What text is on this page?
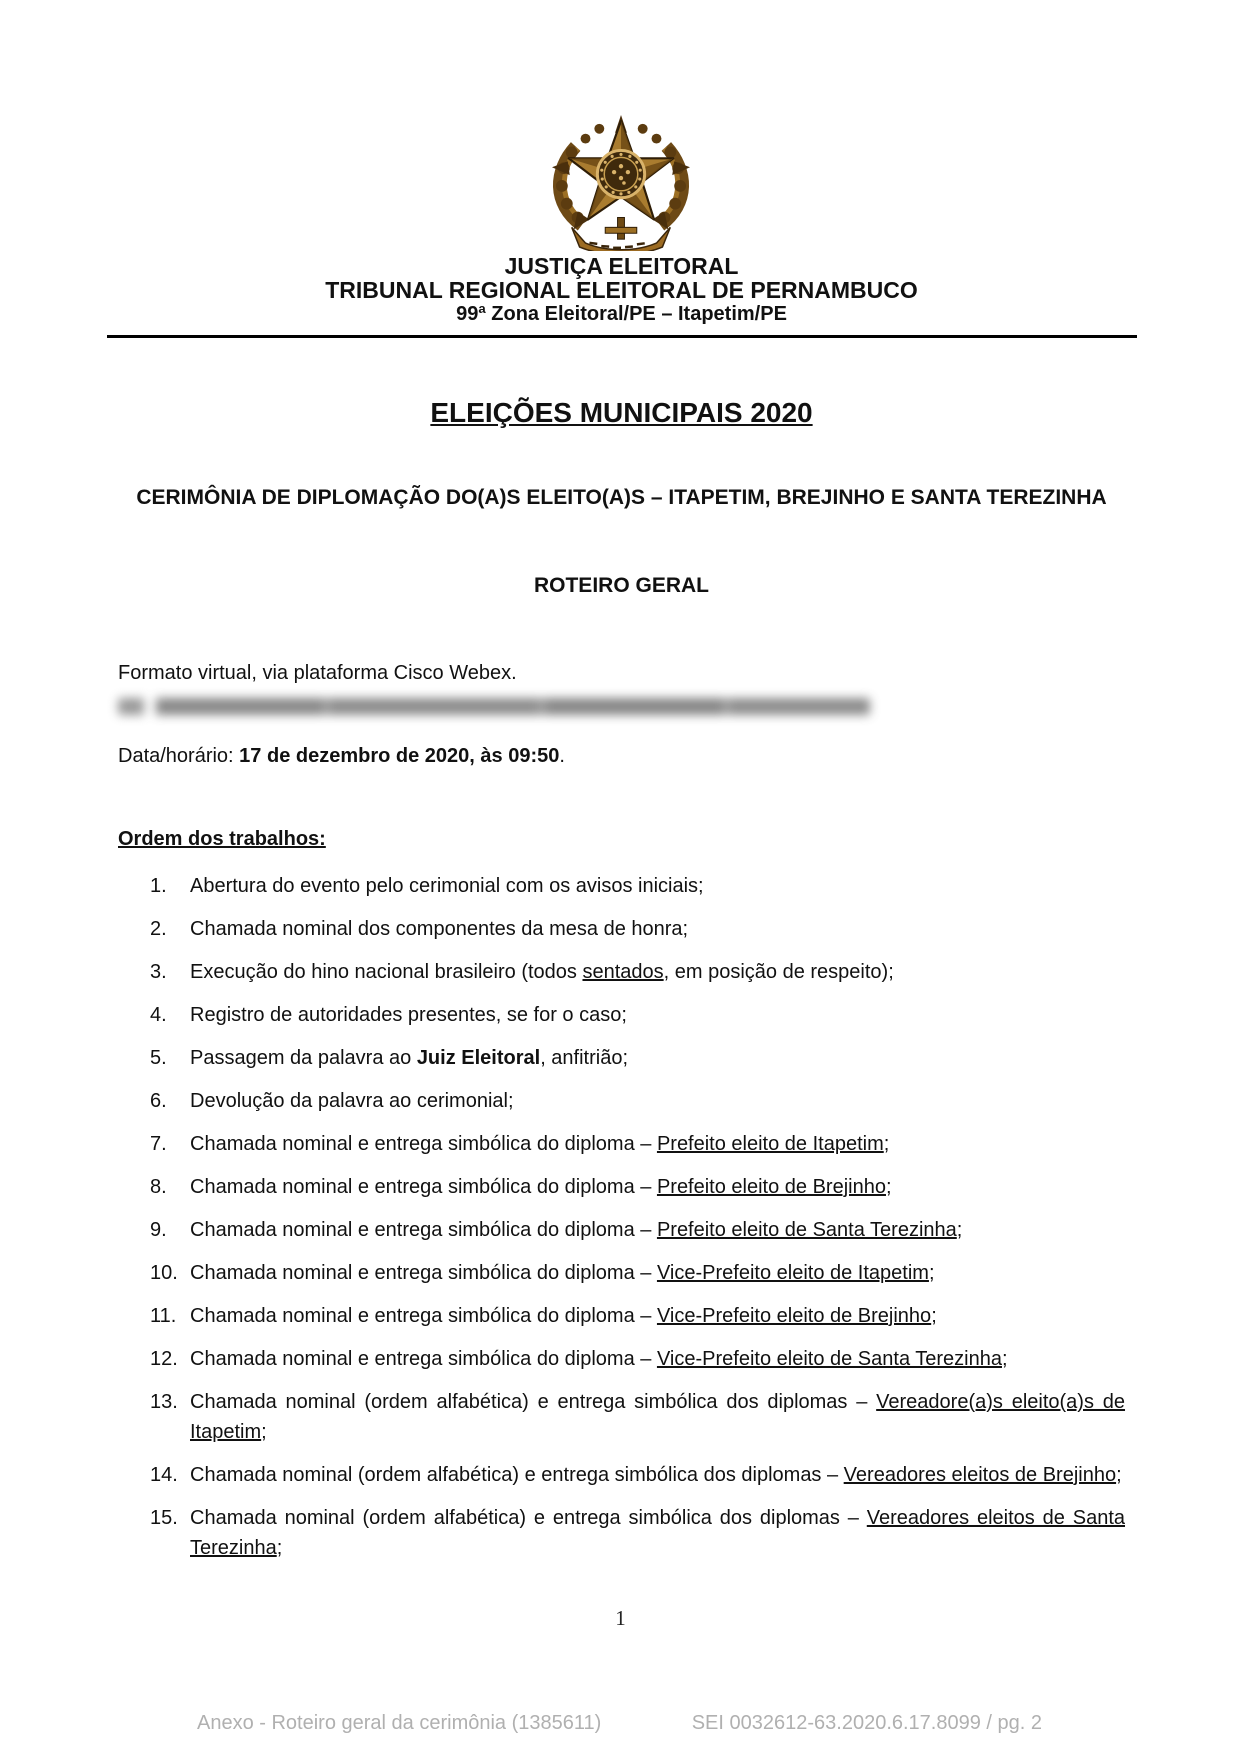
JUSTIÇA ELEITORAL
TRIBUNAL REGIONAL ELEITORAL DE PERNAMBUCO
99ª Zona Eleitoral/PE – Itapetim/PE
ELEIÇÕES MUNICIPAIS 2020
CERIMÔNIA DE DIPLOMAÇÃO DO(A)S ELEITO(A)S – ITAPETIM, BREJINHO E SANTA TEREZINHA
ROTEIRO GERAL
Formato virtual, via plataforma Cisco Webex.
Data/horário: 17 de dezembro de 2020, às 09:50.
Ordem dos trabalhos:
1. Abertura do evento pelo cerimonial com os avisos iniciais;
2. Chamada nominal dos componentes da mesa de honra;
3. Execução do hino nacional brasileiro (todos sentados, em posição de respeito);
4. Registro de autoridades presentes, se for o caso;
5. Passagem da palavra ao Juiz Eleitoral, anfitrião;
6. Devolução da palavra ao cerimonial;
7. Chamada nominal e entrega simbólica do diploma – Prefeito eleito de Itapetim;
8. Chamada nominal e entrega simbólica do diploma – Prefeito eleito de Brejinho;
9. Chamada nominal e entrega simbólica do diploma – Prefeito eleito de Santa Terezinha;
10. Chamada nominal e entrega simbólica do diploma – Vice-Prefeito eleito de Itapetim;
11. Chamada nominal e entrega simbólica do diploma – Vice-Prefeito eleito de Brejinho;
12. Chamada nominal e entrega simbólica do diploma – Vice-Prefeito eleito de Santa Terezinha;
13. Chamada nominal (ordem alfabética) e entrega simbólica dos diplomas – Vereadore(a)s eleito(a)s de Itapetim;
14. Chamada nominal (ordem alfabética) e entrega simbólica dos diplomas – Vereadores eleitos de Brejinho;
15. Chamada nominal (ordem alfabética) e entrega simbólica dos diplomas – Vereadores eleitos de Santa Terezinha;
1
Anexo - Roteiro geral da cerimônia (1385611)	SEI 0032612-63.2020.6.17.8099 / pg. 2
